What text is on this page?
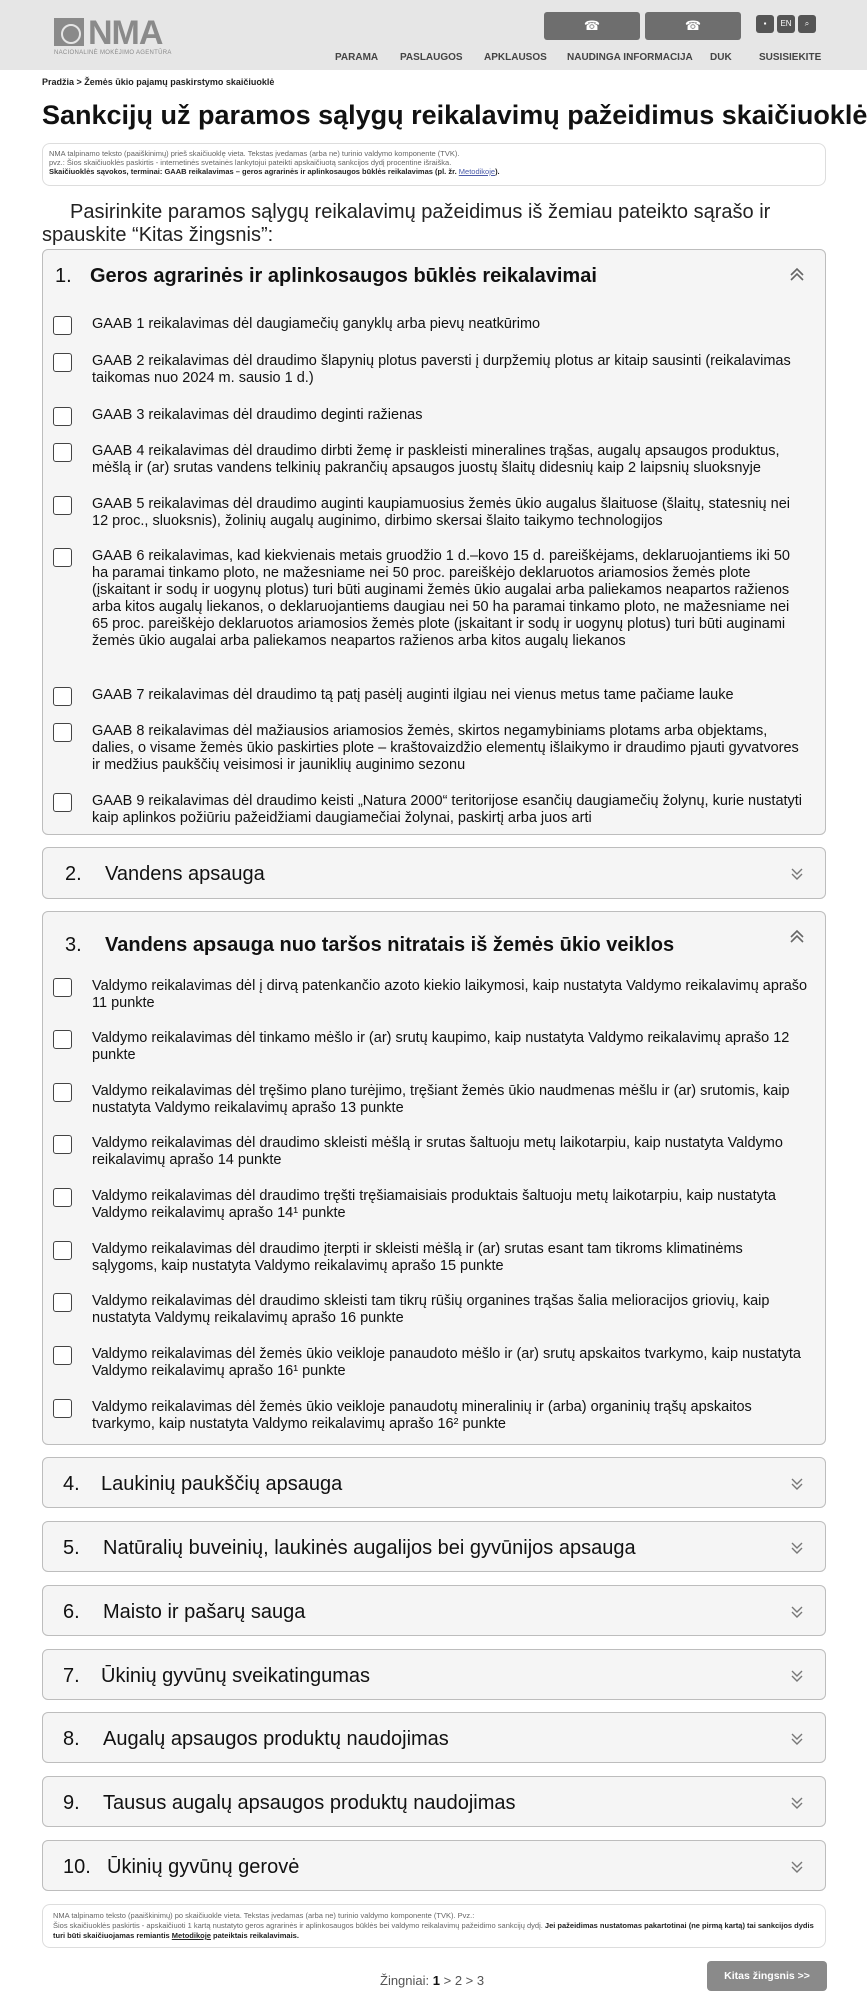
NMA
NACIONALINĖ MOKĖJIMO AGENTŪRA
☎	☎	▪	EN	⌕
PARAMA PASLAUGOS APKLAUSOS NAUDINGA INFORMACIJA DUK	SUSISIEKITE
Pradžia > Žemės ūkio pajamų paskirstymo skaičiuoklė
Sankcijų už paramos sąlygų reikalavimų pažeidimus skaičiuoklė
NMA talpinamo teksto (paaiškinimų) prieš skaičiuoklę vieta. Tekstas įvedamas (arba ne) turinio valdymo komponente (TVK).
pvz.: Šios skaičiuoklės paskirtis - internetinės svetainės lankytojui pateikti apskaičiuotą sankcijos dydį procentine išraiška.
Skaičiuoklės sąvokos, terminai: GAAB reikalavimas – geros agrarinės ir aplinkosaugos būklės reikalavimas (pl. žr. Metodikoje).
Pasirinkite paramos sąlygų reikalavimų pažeidimus iš žemiau pateikto sąrašo ir spauskite “Kitas žingsnis”:
1. Geros agrarinės ir aplinkosaugos būklės reikalavimai
GAAB 1 reikalavimas dėl daugiamečių ganyklų arba pievų neatkūrimo
GAAB 2 reikalavimas dėl draudimo šlapynių plotus paversti į durpžemių plotus ar kitaip sausinti (reikalavimas taikomas nuo 2024 m. sausio 1 d.)
GAAB 3 reikalavimas dėl draudimo deginti ražienas
GAAB 4 reikalavimas dėl draudimo dirbti žemę ir paskleisti mineralines trąšas, augalų apsaugos produktus, mėšlą ir (ar) srutas vandens telkinių pakrančių apsaugos juostų šlaitų didesnių kaip 2 laipsnių sluoksnyje
GAAB 5 reikalavimas dėl draudimo auginti kaupiamuosius žemės ūkio augalus šlaituose (šlaitų, statesnių nei 12 proc., sluoksnis), žolinių augalų auginimo, dirbimo skersai šlaito taikymo technologijos
GAAB 6 reikalavimas, kad kiekvienais metais gruodžio 1 d.–kovo 15 d. pareiškėjams, deklaruojantiems iki 50 ha paramai tinkamo ploto, ne mažesniame nei 50 proc. pareiškėjo deklaruotos ariamosios žemės plote (įskaitant ir sodų ir uogynų plotus) turi būti auginami žemės ūkio augalai arba paliekamos neapartos ražienos arba kitos augalų liekanos, o deklaruojantiems daugiau nei 50 ha paramai tinkamo ploto, ne mažesniame nei 65 proc. pareiškėjo deklaruotos ariamosios žemės plote (įskaitant ir sodų ir uogynų plotus) turi būti auginami žemės ūkio augalai arba paliekamos neapartos ražienos arba kitos augalų liekanos
GAAB 7 reikalavimas dėl draudimo tą patį pasėlį auginti ilgiau nei vienus metus tame pačiame lauke
GAAB 8 reikalavimas dėl mažiausios ariamosios žemės, skirtos negamybiniams plotams arba objektams, dalies, o visame žemės ūkio paskirties plote – kraštovaizdžio elementų išlaikymo ir draudimo pjauti gyvatvores ir medžius paukščių veisimosi ir jauniklių auginimo sezonu
GAAB 9 reikalavimas dėl draudimo keisti „Natura 2000“ teritorijose esančių daugiamečių žolynų, kurie nustatyti kaip aplinkos požiūriu pažeidžiami daugiamečiai žolynai, paskirtį arba juos arti
2. Vandens apsauga
3. Vandens apsauga nuo taršos nitratais iš žemės ūkio veiklos
Valdymo reikalavimas dėl į dirvą patenkančio azoto kiekio laikymosi, kaip nustatyta Valdymo reikalavimų aprašo 11 punkte
Valdymo reikalavimas dėl tinkamo mėšlo ir (ar) srutų kaupimo, kaip nustatyta Valdymo reikalavimų aprašo 12 punkte
Valdymo reikalavimas dėl tręšimo plano turėjimo, tręšiant žemės ūkio naudmenas mėšlu ir (ar) srutomis, kaip nustatyta Valdymo reikalavimų aprašo 13 punkte
Valdymo reikalavimas dėl draudimo skleisti mėšlą ir srutas šaltuoju metų laikotarpiu, kaip nustatyta Valdymo reikalavimų aprašo 14 punkte
Valdymo reikalavimas dėl draudimo tręšti tręšiamaisiais produktais šaltuoju metų laikotarpiu, kaip nustatyta Valdymo reikalavimų aprašo 14¹ punkte
Valdymo reikalavimas dėl draudimo įterpti ir skleisti mėšlą ir (ar) srutas esant tam tikroms klimatinėms sąlygoms, kaip nustatyta Valdymo reikalavimų aprašo 15 punkte
Valdymo reikalavimas dėl draudimo skleisti tam tikrų rūšių organines trąšas šalia melioracijos griovių, kaip nustatyta Valdymų reikalavimų aprašo 16 punkte
Valdymo reikalavimas dėl žemės ūkio veikloje panaudoto mėšlo ir (ar) srutų apskaitos tvarkymo, kaip nustatyta Valdymo reikalavimų aprašo 16¹ punkte
Valdymo reikalavimas dėl žemės ūkio veikloje panaudotų mineralinių ir (arba) organinių trąšų apskaitos tvarkymo, kaip nustatyta Valdymo reikalavimų aprašo 16² punkte
4. Laukinių paukščių apsauga
5. Natūralių buveinių, laukinės augalijos bei gyvūnijos apsauga
6. Maisto ir pašarų sauga
7. Ūkinių gyvūnų sveikatingumas
8. Augalų apsaugos produktų naudojimas
9. Tausus augalų apsaugos produktų naudojimas
10. Ūkinių gyvūnų gerovė
NMA talpinamo teksto (paaiškinimų) po skaičiuokle vieta. Tekstas įvedamas (arba ne) turinio valdymo komponente (TVK). Pvz.:
Šios skaičiuoklės paskirtis - apskaičiuoti 1 kartą nustatyto geros agrarinės ir aplinkosaugos būklės bei valdymo reikalavimų pažeidimo sankcijų dydį. Jei pažeidimas nustatomas pakartotinai (ne pirmą kartą) tai sankcijos dydis turi būti skaičiuojamas remiantis Metodikoje pateiktais reikalavimais.
Žingniai: 1 > 2 > 3	Kitas žingsnis >>
